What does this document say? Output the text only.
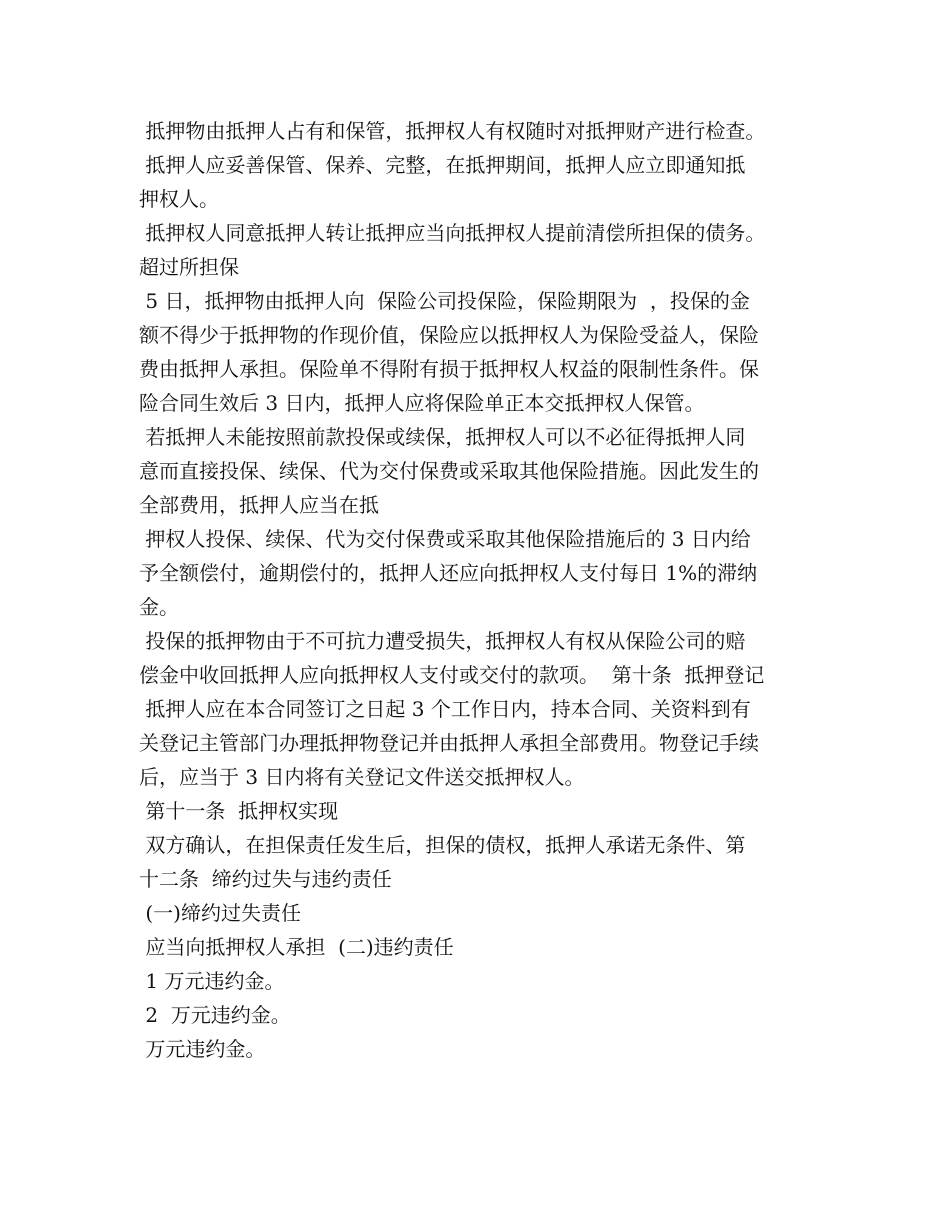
抵押物由抵押人占有和保管，抵押权人有权随时对抵押财产进行检查。
抵押人应妥善保管、保养、完整，在抵押期间，抵押人应立即通知抵
押权人。
抵押权人同意抵押人转让抵押应当向抵押权人提前清偿所担保的债务。
超过所担保
5 日，抵押物由抵押人向  保险公司投保险，保险期限为  ，投保的金
额不得少于抵押物的作现价值，保险应以抵押权人为保险受益人，保险
费由抵押人承担。保险单不得附有损于抵押权人权益的限制性条件。保
险合同生效后 3 日内，抵押人应将保险单正本交抵押权人保管。
若抵押人未能按照前款投保或续保，抵押权人可以不必征得抵押人同
意而直接投保、续保、代为交付保费或采取其他保险措施。因此发生的
全部费用，抵押人应当在抵
押权人投保、续保、代为交付保费或采取其他保险措施后的 3 日内给
予全额偿付，逾期偿付的，抵押人还应向抵押权人支付每日 1%的滞纳
金。
投保的抵押物由于不可抗力遭受损失，抵押权人有权从保险公司的赔
偿金中收回抵押人应向抵押权人支付或交付的款项。  第十条  抵押登记
抵押人应在本合同签订之日起 3 个工作日内，持本合同、关资料到有
关登记主管部门办理抵押物登记并由抵押人承担全部费用。物登记手续
后，应当于 3 日内将有关登记文件送交抵押权人。
第十一条  抵押权实现
双方确认，在担保责任发生后，担保的债权，抵押人承诺无条件、第
十二条  缔约过失与违约责任
(一)缔约过失责任
应当向抵押权人承担  (二)违约责任
1 万元违约金。
2  万元违约金。
万元违约金。
